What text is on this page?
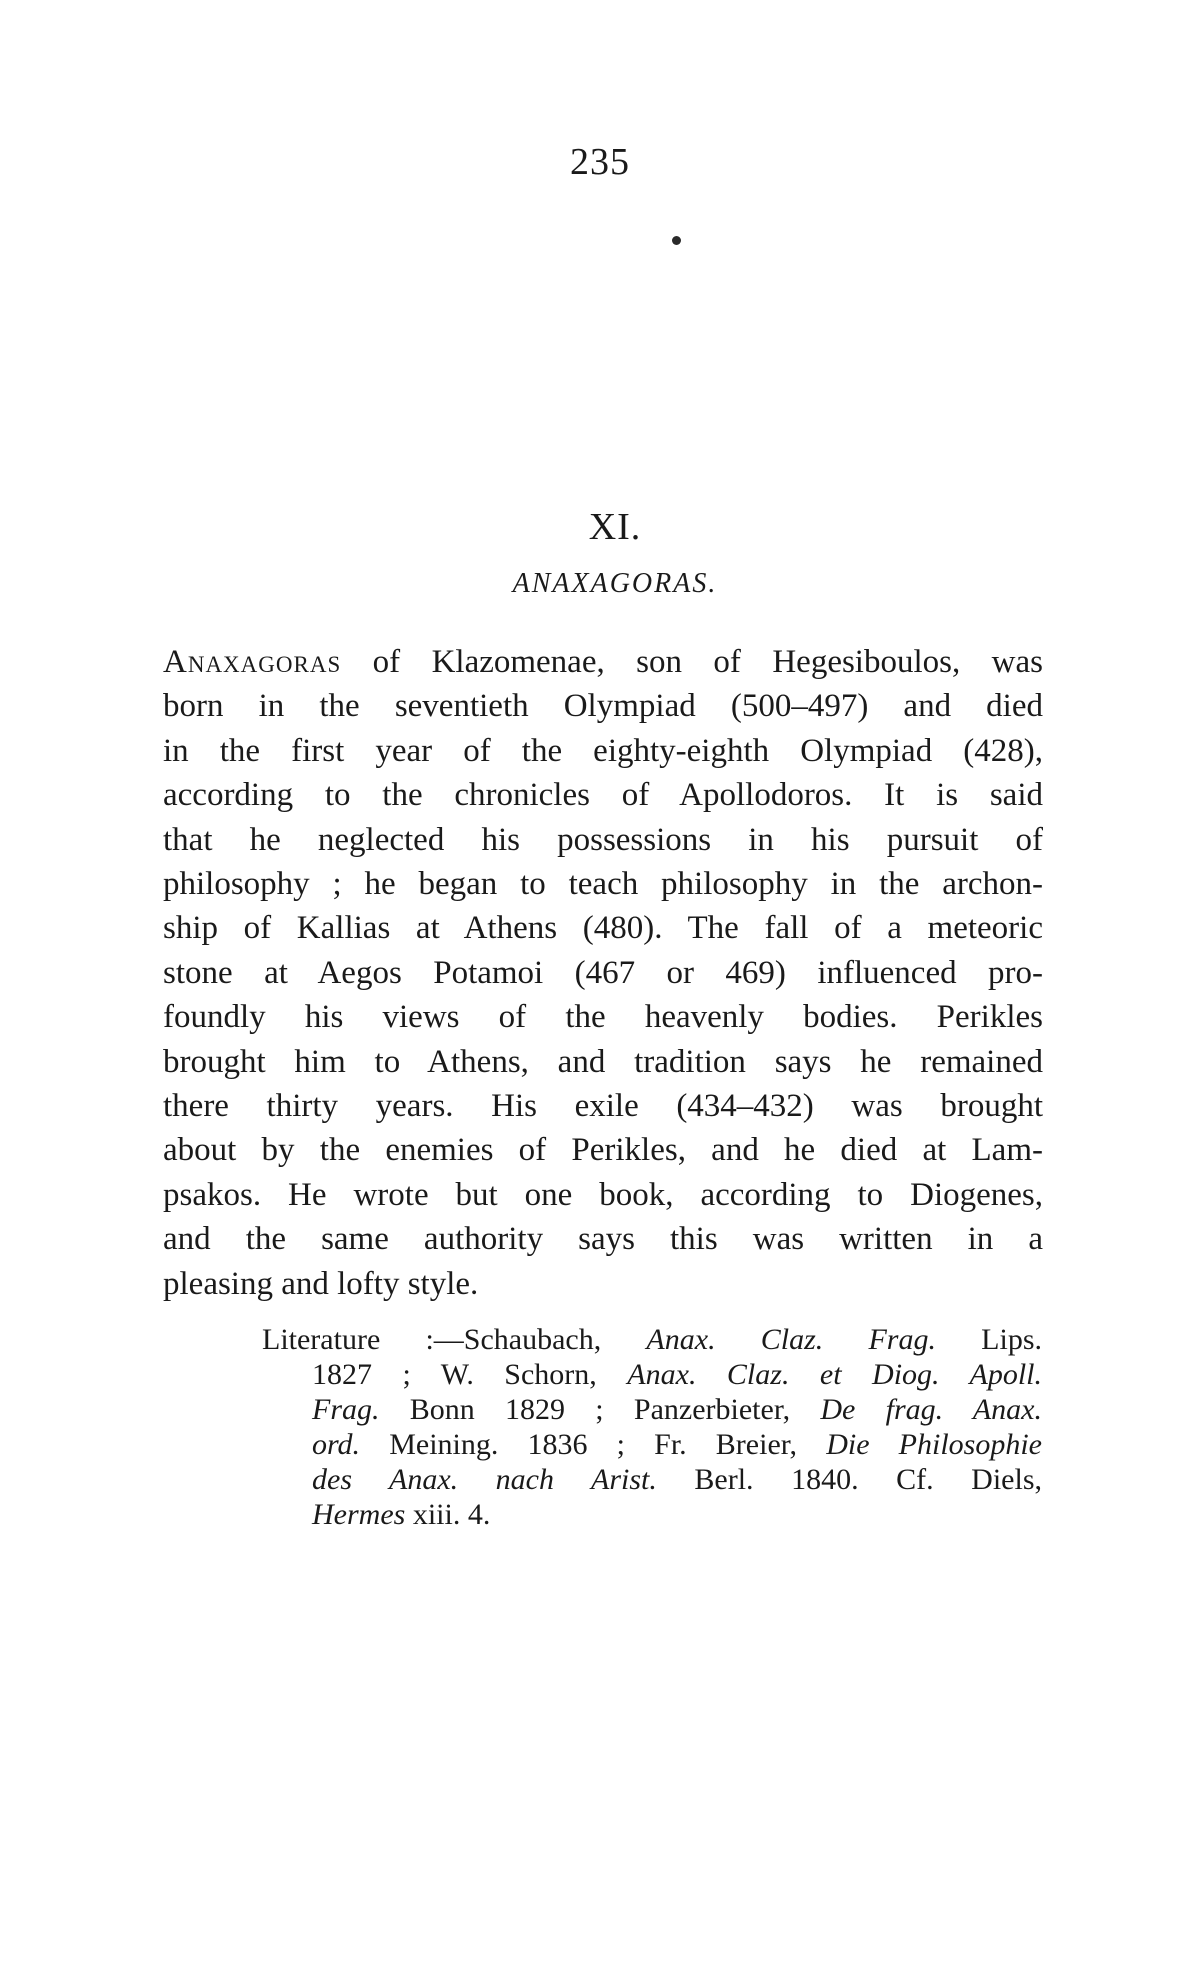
235
XI.
ANAXAGORAS.

Anaxagoras of Klazomenae, son of Hegesiboulos, was
born in the seventieth Olympiad (500–497) and died
in the first year of the eighty-eighth Olympiad (428),
according to the chronicles of Apollodoros. It is said
that he neglected his possessions in his pursuit of
philosophy ; he began to teach philosophy in the archon-
ship of Kallias at Athens (480). The fall of a meteoric
stone at Aegos Potamoi (467 or 469) influenced pro-
foundly his views of the heavenly bodies. Perikles
brought him to Athens, and tradition says he remained
there thirty years. His exile (434–432) was brought
about by the enemies of Perikles, and he died at Lam-
psakos. He wrote but one book, according to Diogenes,
and the same authority says this was written in a
pleasing and lofty style.

Literature :—Schaubach, Anax. Claz. Frag. Lips.
1827 ; W. Schorn, Anax. Claz. et Diog. Apoll.
Frag. Bonn 1829 ; Panzerbieter, De frag. Anax.
ord. Meining. 1836 ; Fr. Breier, Die Philosophie
des Anax. nach Arist. Berl. 1840. Cf. Diels,
Hermes xiii. 4.
